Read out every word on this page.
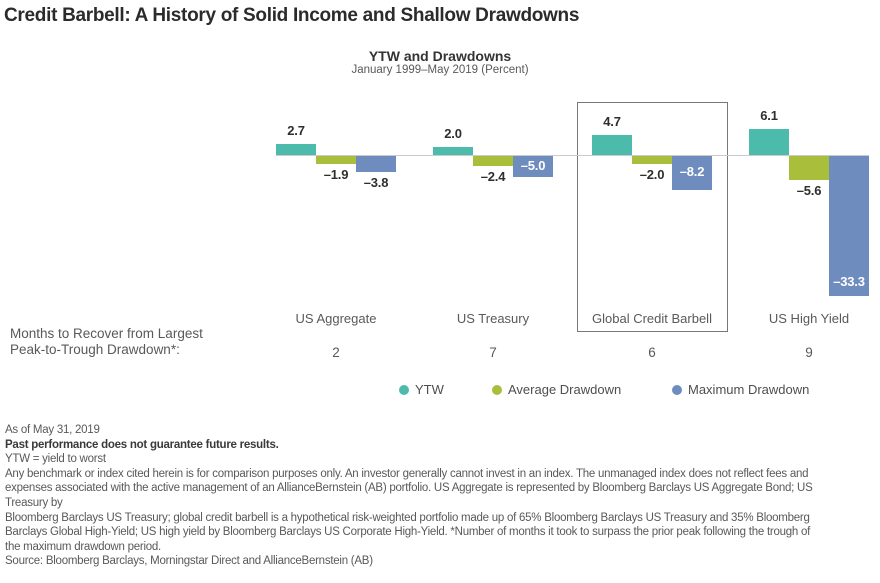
Credit Barbell: A History of Solid Income and Shallow Drawdowns
YTW and Drawdowns
January 1999–May 2019 (Percent)
2.7
–1.9
–3.8
US Aggregate
2
2.0
–2.4
–5.0
US Treasury
7
4.7
–2.0	–8.2
Global Credit Barbell
6
6.1
–5.6
–33.3
US High Yield
9
Months to Recover from Largest
Peak-to-Trough Drawdown*:
YTW	Average Drawdown	Maximum Drawdown
As of May 31, 2019
Past performance does not guarantee future results.
YTW = yield to worst
Any benchmark or index cited herein is for comparison purposes only. An investor generally cannot invest in an index. The unmanaged index does not reflect fees and
expenses associated with the active management of an AllianceBernstein (AB) portfolio. US Aggregate is represented by Bloomberg Barclays US Aggregate Bond; US
Treasury by
Bloomberg Barclays US Treasury; global credit barbell is a hypothetical risk-weighted portfolio made up of 65% Bloomberg Barclays US Treasury and 35% Bloomberg
Barclays Global High-Yield; US high yield by Bloomberg Barclays US Corporate High-Yield. *Number of months it took to surpass the prior peak following the trough of
the maximum drawdown period.
Source: Bloomberg Barclays, Morningstar Direct and AllianceBernstein (AB)
